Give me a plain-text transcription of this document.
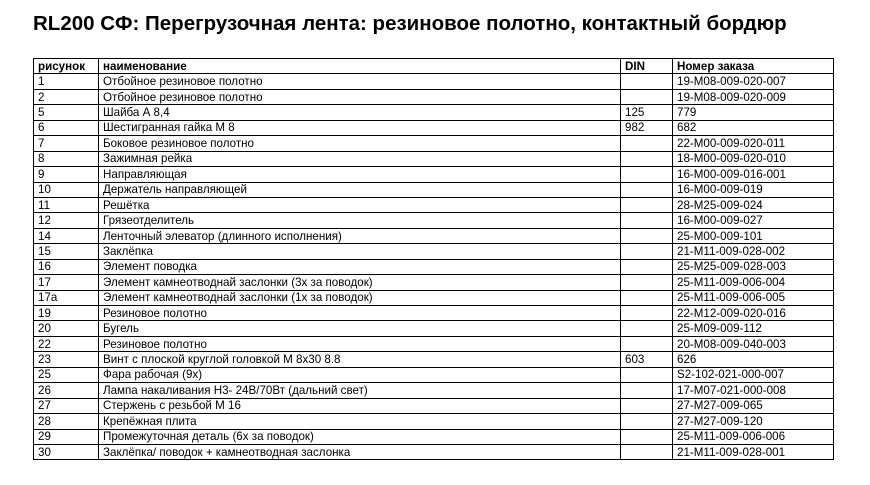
RL200 СФ: Перегрузочная лента: резиновое полотно, контактный бордюр
рисунок	наименование	DIN	Номер заказа
1	Отбойное резиновое полотно		19-M08-009-020-007
2	Отбойное резиновое полотно		19-M08-009-020-009
5	Шайба А 8,4	125	779
6	Шестигранная гайка М 8	982	682
7	Боковое резиновое полотно		22-M00-009-020-011
8	Зажимная рейка		18-M00-009-020-010
9	Направляющая		16-M00-009-016-001
10	Держатель направляющей		16-M00-009-019
11	Решётка		28-M25-009-024
12	Грязеотделитель		16-M00-009-027
14	Ленточный элеватор (длинного исполнения)		25-M00-009-101
15	Заклёпка		21-M11-009-028-002
16	Элемент поводка		25-M25-009-028-003
17	Элемент камнеотводнай заслонки (3х за поводок)		25-M11-009-006-004
17a	Элемент камнеотводнай заслонки (1х за поводок)		25-M11-009-006-005
19	Резиновое полотно		22-M12-009-020-016
20	Бугель		25-M09-009-112
22	Резиновое полотно		20-M08-009-040-003
23	Винт с плоской круглой головкой М 8х30 8.8	603	626
25	Фара рабочая (9х)		S2-102-021-000-007
26	Лампа накаливания Н3- 24В/70Вт (дальний свет)		17-M07-021-000-008
27	Стержень с резьбой М 16		27-M27-009-065
28	Крепёжная плита		27-M27-009-120
29	Промежуточная деталь (6х за поводок)		25-M11-009-006-006
30	Заклёпка/ поводок + камнеотводная заслонка		21-M11-009-028-001
